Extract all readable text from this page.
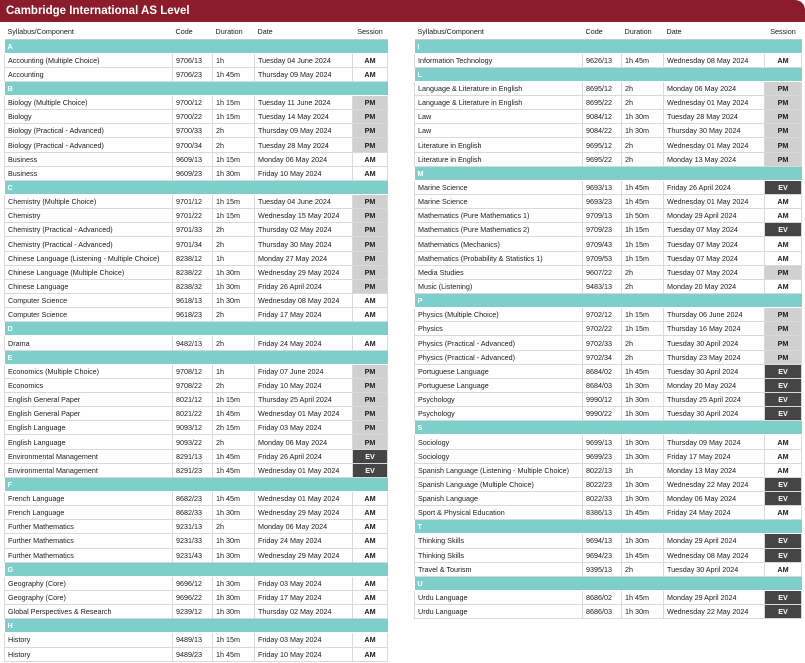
Cambridge International AS Level
Syllabus/Component	Code	Duration	Date	Session
A				
Accounting (Multiple Choice)	9706/13	1h	Tuesday 04 June 2024	AM
Accounting	9706/23	1h 45m	Thursday 09 May 2024	AM
B				
Biology (Multiple Choice)	9700/12	1h 15m	Tuesday 11 June 2024	PM
Biology	9700/22	1h 15m	Tuesday 14 May 2024	PM
Biology (Practical - Advanced)	9700/33	2h	Thursday 09 May 2024	PM
Biology (Practical - Advanced)	9700/34	2h	Tuesday 28 May 2024	PM
Business	9609/13	1h 15m	Monday 06 May 2024	AM
Business	9609/23	1h 30m	Friday 10 May 2024	AM
C				
Chemistry (Multiple Choice)	9701/12	1h 15m	Tuesday 04 June 2024	PM
Chemistry	9701/22	1h 15m	Wednesday 15 May 2024	PM
Chemistry (Practical - Advanced)	9701/33	2h	Thursday 02 May 2024	PM
Chemistry (Practical - Advanced)	9701/34	2h	Thursday 30 May 2024	PM
Chinese Language (Listening - Multiple Choice)	8238/12	1h	Monday 27 May 2024	PM
Chinese Language (Multiple Choice)	8238/22	1h 30m	Wednesday 29 May 2024	PM
Chinese Language	8238/32	1h 30m	Friday 26 April 2024	PM
Computer Science	9618/13	1h 30m	Wednesday 08 May 2024	AM
Computer Science	9618/23	2h	Friday 17 May 2024	AM
D				
Drama	9482/13	2h	Friday 24 May 2024	AM
E				
Economics (Multiple Choice)	9708/12	1h	Friday 07 June 2024	PM
Economics	9708/22	2h	Friday 10 May 2024	PM
English General Paper	8021/12	1h 15m	Thursday 25 April 2024	PM
English General Paper	8021/22	1h 45m	Wednesday 01 May 2024	PM
English Language	9093/12	2h 15m	Friday 03 May 2024	PM
English Language	9093/22	2h	Monday 06 May 2024	PM
Environmental Management	8291/13	1h 45m	Friday 26 April 2024	EV
Environmental Management	8291/23	1h 45m	Wednesday 01 May 2024	EV
F				
French Language	8682/23	1h 45m	Wednesday 01 May 2024	AM
French Language	8682/33	1h 30m	Wednesday 29 May 2024	AM
Further Mathematics	9231/13	2h	Monday 06 May 2024	AM
Further Mathematics	9231/33	1h 30m	Friday 24 May 2024	AM
Further Mathematics	9231/43	1h 30m	Wednesday 29 May 2024	AM
G				
Geography (Core)	9696/12	1h 30m	Friday 03 May 2024	AM
Geography (Core)	9696/22	1h 30m	Friday 17 May 2024	AM
Global Perspectives & Research	9239/12	1h 30m	Thursday 02 May 2024	AM
H				
History	9489/13	1h 15m	Friday 03 May 2024	AM
History	9489/23	1h 45m	Friday 10 May 2024	AM
Syllabus/Component	Code	Duration	Date	Session
I				
Information Technology	9626/13	1h 45m	Wednesday 08 May 2024	AM
L				
Language & Literature in English	8695/12	2h	Monday 06 May 2024	PM
Language & Literature in English	8695/22	2h	Wednesday 01 May 2024	PM
Law	9084/12	1h 30m	Tuesday 28 May 2024	PM
Law	9084/22	1h 30m	Thursday 30 May 2024	PM
Literature in English	9695/12	2h	Wednesday 01 May 2024	PM
Literature in English	9695/22	2h	Monday 13 May 2024	PM
M				
Marine Science	9693/13	1h 45m	Friday 26 April 2024	EV
Marine Science	9693/23	1h 45m	Wednesday 01 May 2024	AM
Mathematics (Pure Mathematics 1)	9709/13	1h 50m	Monday 29 April 2024	AM
Mathematics (Pure Mathematics 2)	9709/23	1h 15m	Tuesday 07 May 2024	EV
Mathematics (Mechanics)	9709/43	1h 15m	Tuesday 07 May 2024	AM
Mathematics (Probability & Statistics 1)	9709/53	1h 15m	Tuesday 07 May 2024	AM
Media Studies	9607/22	2h	Tuesday 07 May 2024	PM
Music (Listening)	9483/13	2h	Monday 20 May 2024	AM
P				
Physics (Multiple Choice)	9702/12	1h 15m	Thursday 06 June 2024	PM
Physics	9702/22	1h 15m	Thursday 16 May 2024	PM
Physics (Practical - Advanced)	9702/33	2h	Tuesday 30 April 2024	PM
Physics (Practical - Advanced)	9702/34	2h	Thursday 23 May 2024	PM
Portuguese Language	8684/02	1h 45m	Tuesday 30 April 2024	EV
Portuguese Language	8684/03	1h 30m	Monday 20 May 2024	EV
Psychology	9990/12	1h 30m	Thursday 25 April 2024	EV
Psychology	9990/22	1h 30m	Tuesday 30 April 2024	EV
S				
Sociology	9699/13	1h 30m	Thursday 09 May 2024	AM
Sociology	9699/23	1h 30m	Friday 17 May 2024	AM
Spanish Language (Listening - Multiple Choice)	8022/13	1h	Monday 13 May 2024	AM
Spanish Language (Multiple Choice)	8022/23	1h 30m	Wednesday 22 May 2024	EV
Spanish Language	8022/33	1h 30m	Monday 06 May 2024	EV
Sport & Physical Education	8386/13	1h 45m	Friday 24 May 2024	AM
T				
Thinking Skills	9694/13	1h 30m	Monday 29 April 2024	EV
Thinking Skills	9694/23	1h 45m	Wednesday 08 May 2024	EV
Travel & Tourism	9395/13	2h	Tuesday 30 April 2024	AM
U				
Urdu Language	8686/02	1h 45m	Monday 29 April 2024	EV
Urdu Language	8686/03	1h 30m	Wednesday 22 May 2024	EV
